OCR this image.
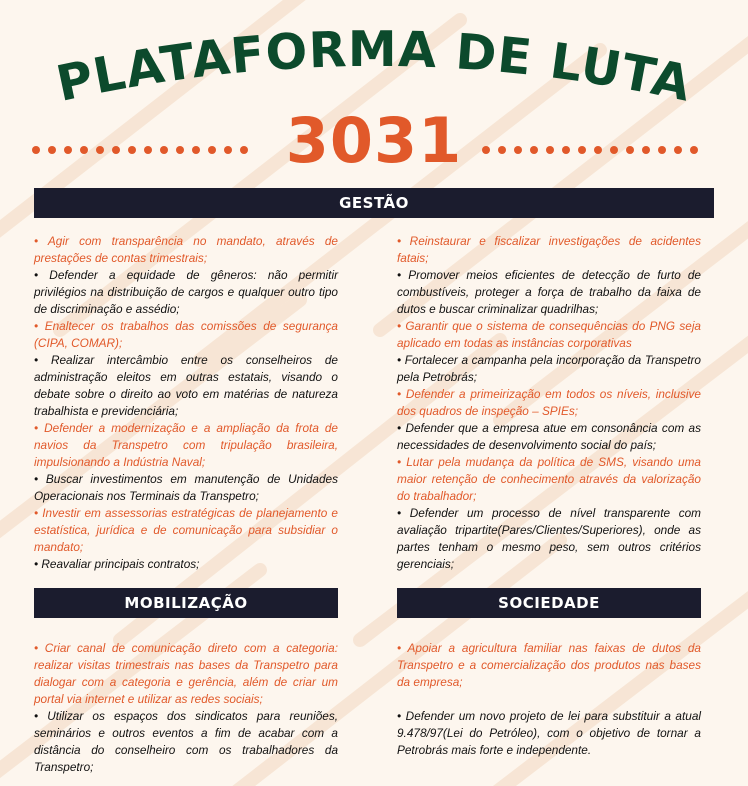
PLATAFORMA DE LUTA
3031
GESTÃO

• Agir com transparência no mandato, através de prestações de contas trimestrais;

• Defender a equidade de gêneros: não permitir privilégios na distribuição de cargos e qualquer outro tipo de discriminação e assédio;

• Enaltecer os trabalhos das comissões de segurança (CIPA, COMAR);

• Realizar intercâmbio entre os conselheiros de administração eleitos em outras estatais, visando o debate sobre o direito ao voto em matérias de natureza trabalhista e previdenciária;

• Defender a modernização e a ampliação da frota de navios da Transpetro com tripulação brasileira, impulsionando a Indústria Naval;

• Buscar investimentos em manutenção de Unidades Operacionais nos Terminais da Transpetro;

• Investir em assessorias estratégicas de planejamento e estatística, jurídica e de comunicação para subsidiar o mandato;

• Reavaliar principais contratos;

• Reinstaurar e fiscalizar investigações de acidentes fatais;

• Promover meios eficientes de detecção de furto de combustíveis, proteger a força de trabalho da faixa de dutos e buscar criminalizar quadrilhas;

• Garantir que o sistema de consequências do PNG seja aplicado em todas as instâncias corporativas

• Fortalecer a campanha pela incorporação da Transpetro pela Petrobrás;

• Defender a primeirização em todos os níveis, inclusive dos quadros de inspeção – SPIEs;

• Defender que a empresa atue em consonância com as necessidades de desenvolvimento social do país;

• Lutar pela mudança da política de SMS, visando uma maior retenção de conhecimento através da valorização do trabalhador;

• Defender um processo de nível transparente com avaliação tripartite(Pares/Clientes/Superiores), onde as partes tenham o mesmo peso, sem outros critérios gerenciais;

MOBILIZAÇÃO	SOCIEDADE

• Criar canal de comunicação direto com a categoria: realizar visitas trimestrais nas bases da Transpetro para dialogar com a categoria e gerência, além de criar um portal via internet e utilizar as redes sociais;

• Utilizar os espaços dos sindicatos para reuniões, seminários e outros eventos a fim de acabar com a distância do conselheiro com os trabalhadores da Transpetro;

• Apoiar a agricultura familiar nas faixas de dutos da Transpetro e a comercialização dos produtos nas bases da empresa;

• Defender um novo projeto de lei para substituir a atual 9.478/97(Lei do Petróleo), com o objetivo de tornar a Petrobrás mais forte e independente.
